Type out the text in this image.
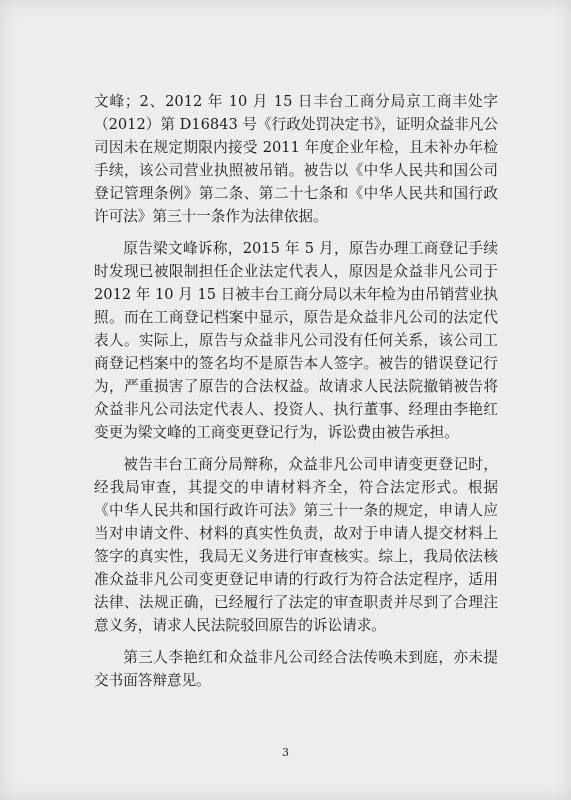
文峰；2、2012 年 10 月 15 日丰台工商分局京工商丰处字（2012）第 D16843 号《行政处罚决定书》，证明众益非凡公司因未在规定期限内接受 2011 年度企业年检，且未补办年检手续，该公司营业执照被吊销。被告以《中华人民共和国公司登记管理条例》第二条、第二十七条和《中华人民共和国行政许可法》第三十一条作为法律依据。

原告梁文峰诉称，2015 年 5 月，原告办理工商登记手续时发现已被限制担任企业法定代表人，原因是众益非凡公司于 2012 年 10 月 15 日被丰台工商分局以未年检为由吊销营业执照。而在工商登记档案中显示，原告是众益非凡公司的法定代表人。实际上，原告与众益非凡公司没有任何关系，该公司工商登记档案中的签名均不是原告本人签字。被告的错误登记行为，严重损害了原告的合法权益。故请求人民法院撤销被告将众益非凡公司法定代表人、投资人、执行董事、经理由李艳红变更为梁文峰的工商变更登记行为，诉讼费由被告承担。

被告丰台工商分局辩称，众益非凡公司申请变更登记时，经我局审查，其提交的申请材料齐全，符合法定形式。根据《中华人民共和国行政许可法》第三十一条的规定，申请人应当对申请文件、材料的真实性负责，故对于申请人提交材料上签字的真实性，我局无义务进行审查核实。综上，我局依法核准众益非凡公司变更登记申请的行政行为符合法定程序，适用法律、法规正确，已经履行了法定的审查职责并尽到了合理注意义务，请求人民法院驳回原告的诉讼请求。

第三人李艳红和众益非凡公司经合法传唤未到庭，亦未提交书面答辩意见。

3
